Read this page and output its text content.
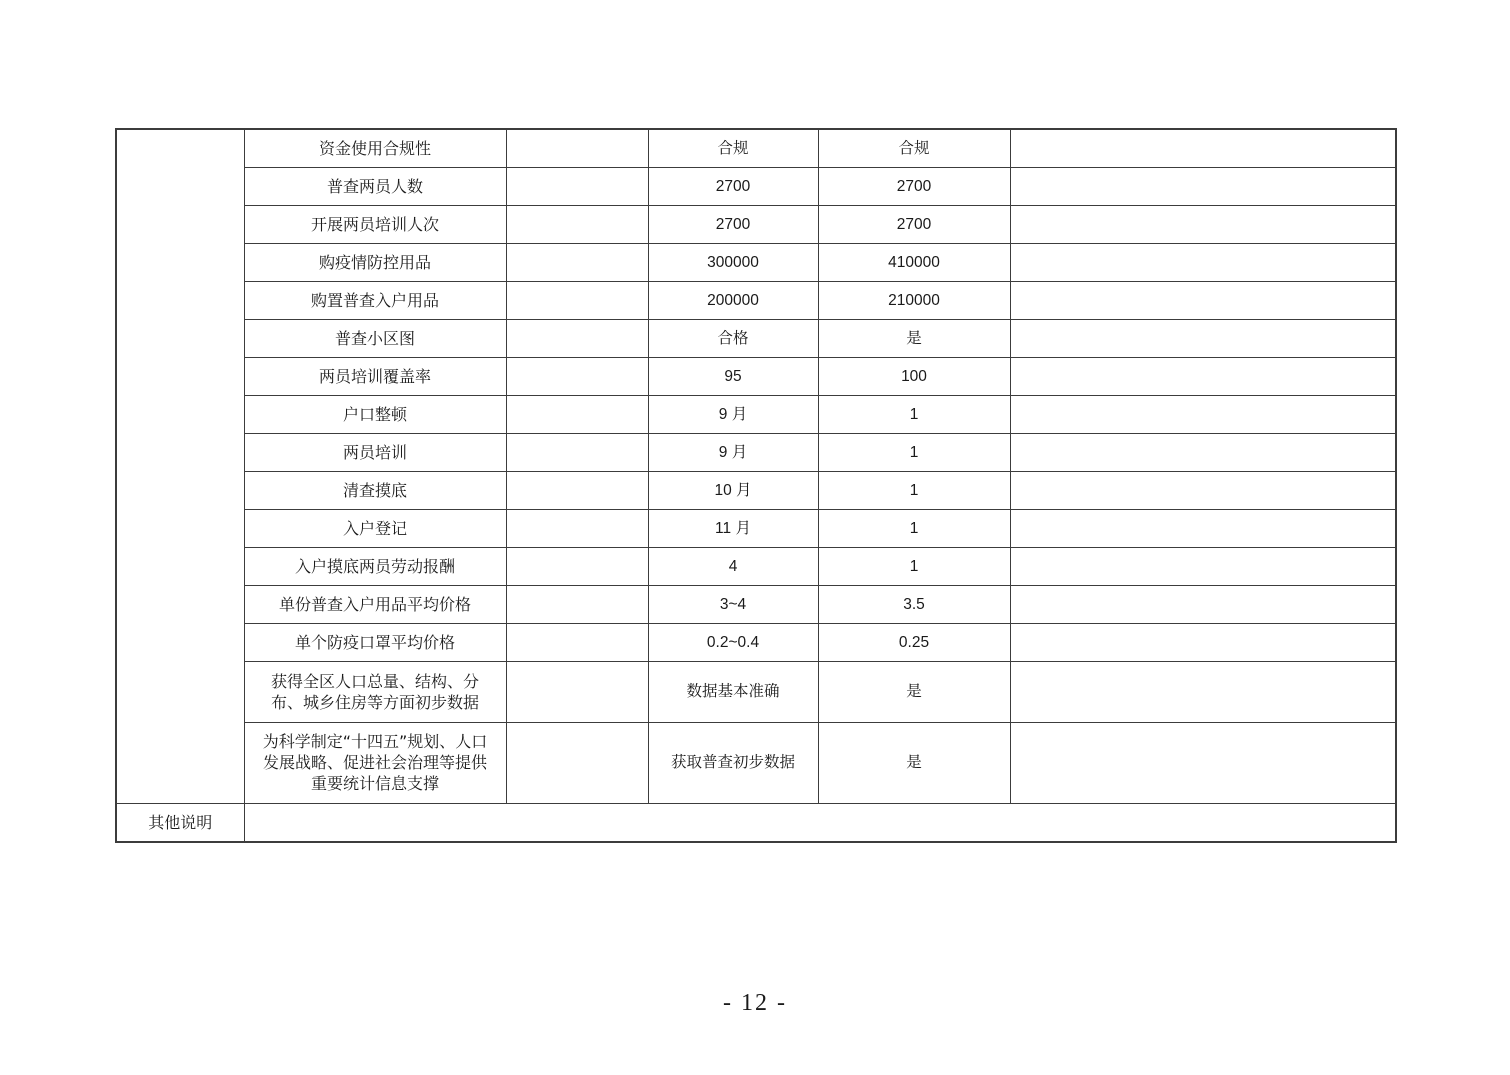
	资金使用合规性		合规	合规	
	普查两员人数		2700	2700	
	开展两员培训人次		2700	2700	
	购疫情防控用品		300000	410000	
	购置普查入户用品		200000	210000	
	普查小区图		合格	是	
	两员培训覆盖率		95	100	
	户口整顿		9 月	1	
	两员培训		9 月	1	
	清查摸底		10 月	1	
	入户登记		11 月	1	
	入户摸底两员劳动报酬		4	1	
	单份普查入户用品平均价格		3~4	3.5	
	单个防疫口罩平均价格		0.2~0.4	0.25	
	获得全区人口总量、结构、分布、城乡住房等方面初步数据		数据基本准确	是	
	为科学制定“十四五”规划、人口发展战略、促进社会治理等提供重要统计信息支撑		获取普查初步数据	是	
其他说明					
- 12 -
